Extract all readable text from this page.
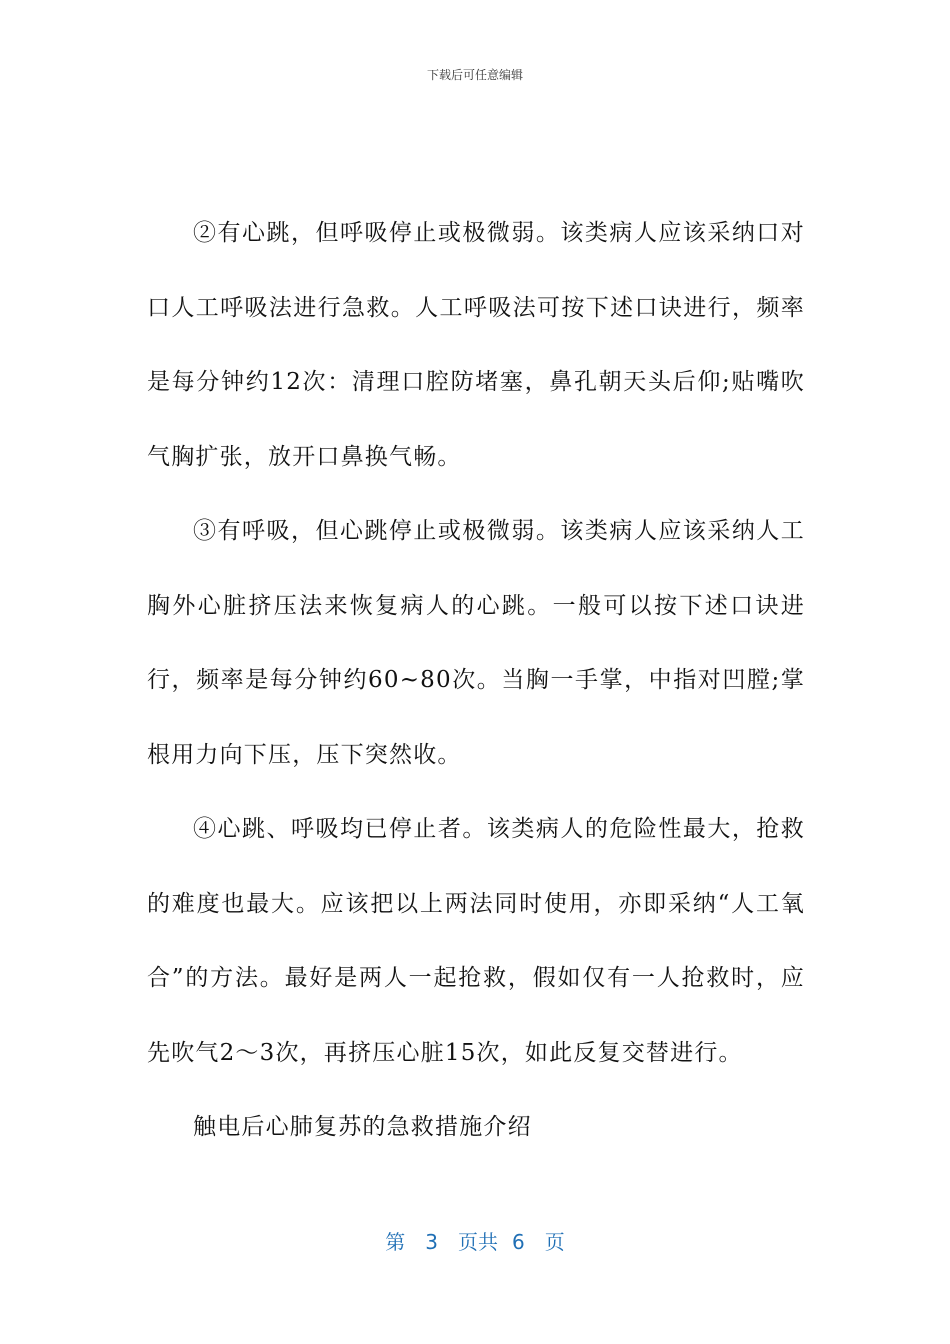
下载后可任意编辑

②有心跳，但呼吸停止或极微弱。该类病人应该采纳口对口人工呼吸法进行急救。人工呼吸法可按下述口诀进行，频率是每分钟约12次：清理口腔防堵塞，鼻孔朝天头后仰;贴嘴吹气胸扩张，放开口鼻换气畅。

③有呼吸，但心跳停止或极微弱。该类病人应该采纳人工胸外心脏挤压法来恢复病人的心跳。一般可以按下述口诀进行，频率是每分钟约60~80次。当胸一手掌，中指对凹膛;掌根用力向下压，压下突然收。

④心跳、呼吸均已停止者。该类病人的危险性最大，抢救的难度也最大。应该把以上两法同时使用，亦即采纳“人工氧合”的方法。最好是两人一起抢救，假如仅有一人抢救时，应先吹气2～3次，再挤压心脏15次，如此反复交替进行。

触电后心肺复苏的急救措施介绍

第 3 页共 6 页
